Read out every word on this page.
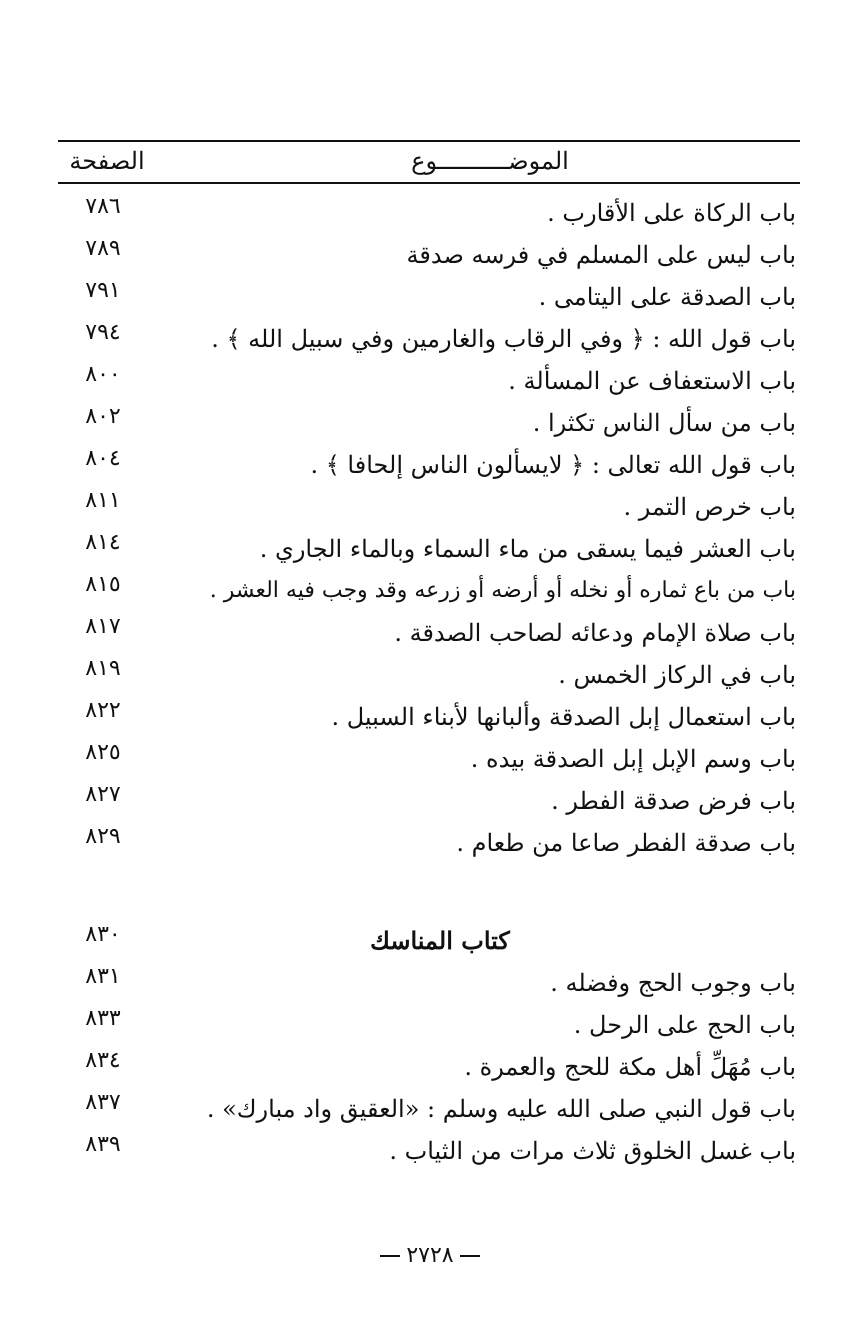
الموضــــــــــوع
الصفحة
باب الركاة على الأقارب .
٧٨٦
باب ليس على المسلم في فرسه صدقة
٧٨٩
باب الصدقة على اليتامى .
٧٩١
باب قول الله : ﴿ وفي الرقاب والغارمين وفي سبيل الله ﴾ .
٧٩٤
باب الاستعفاف عن المسألة .
٨٠٠
باب من سأل الناس تكثرا .
٨٠٢
باب قول الله تعالى : ﴿ لايسألون الناس إلحافا ﴾ .
٨٠٤
باب خرص التمر .
٨١١
باب العشر فيما يسقى من ماء السماء وبالماء الجاري .
٨١٤
باب من باع ثماره أو نخله أو أرضه أو زرعه وقد وجب فيه العشر .
٨١٥
باب صلاة الإمام ودعائه لصاحب الصدقة .
٨١٧
باب في الركاز الخمس .
٨١٩
باب استعمال إبل الصدقة وألبانها لأبناء السبيل .
٨٢٢
باب وسم الإبل إبل الصدقة بيده .
٨٢٥
باب فرض صدقة الفطر .
٨٢٧
باب صدقة الفطر صاعا من طعام .
٨٢٩
كتاب المناسك
٨٣٠
باب وجوب الحج وفضله .
٨٣١
باب الحج على الرحل .
٨٣٣
باب مُهَلِّ أهل مكة للحج والعمرة .
٨٣٤
باب قول النبي صلى الله عليه وسلم : «العقيق واد مبارك» .
٨٣٧
باب غسل الخلوق ثلاث مرات من الثياب .
٨٣٩
٢٧٢٨
